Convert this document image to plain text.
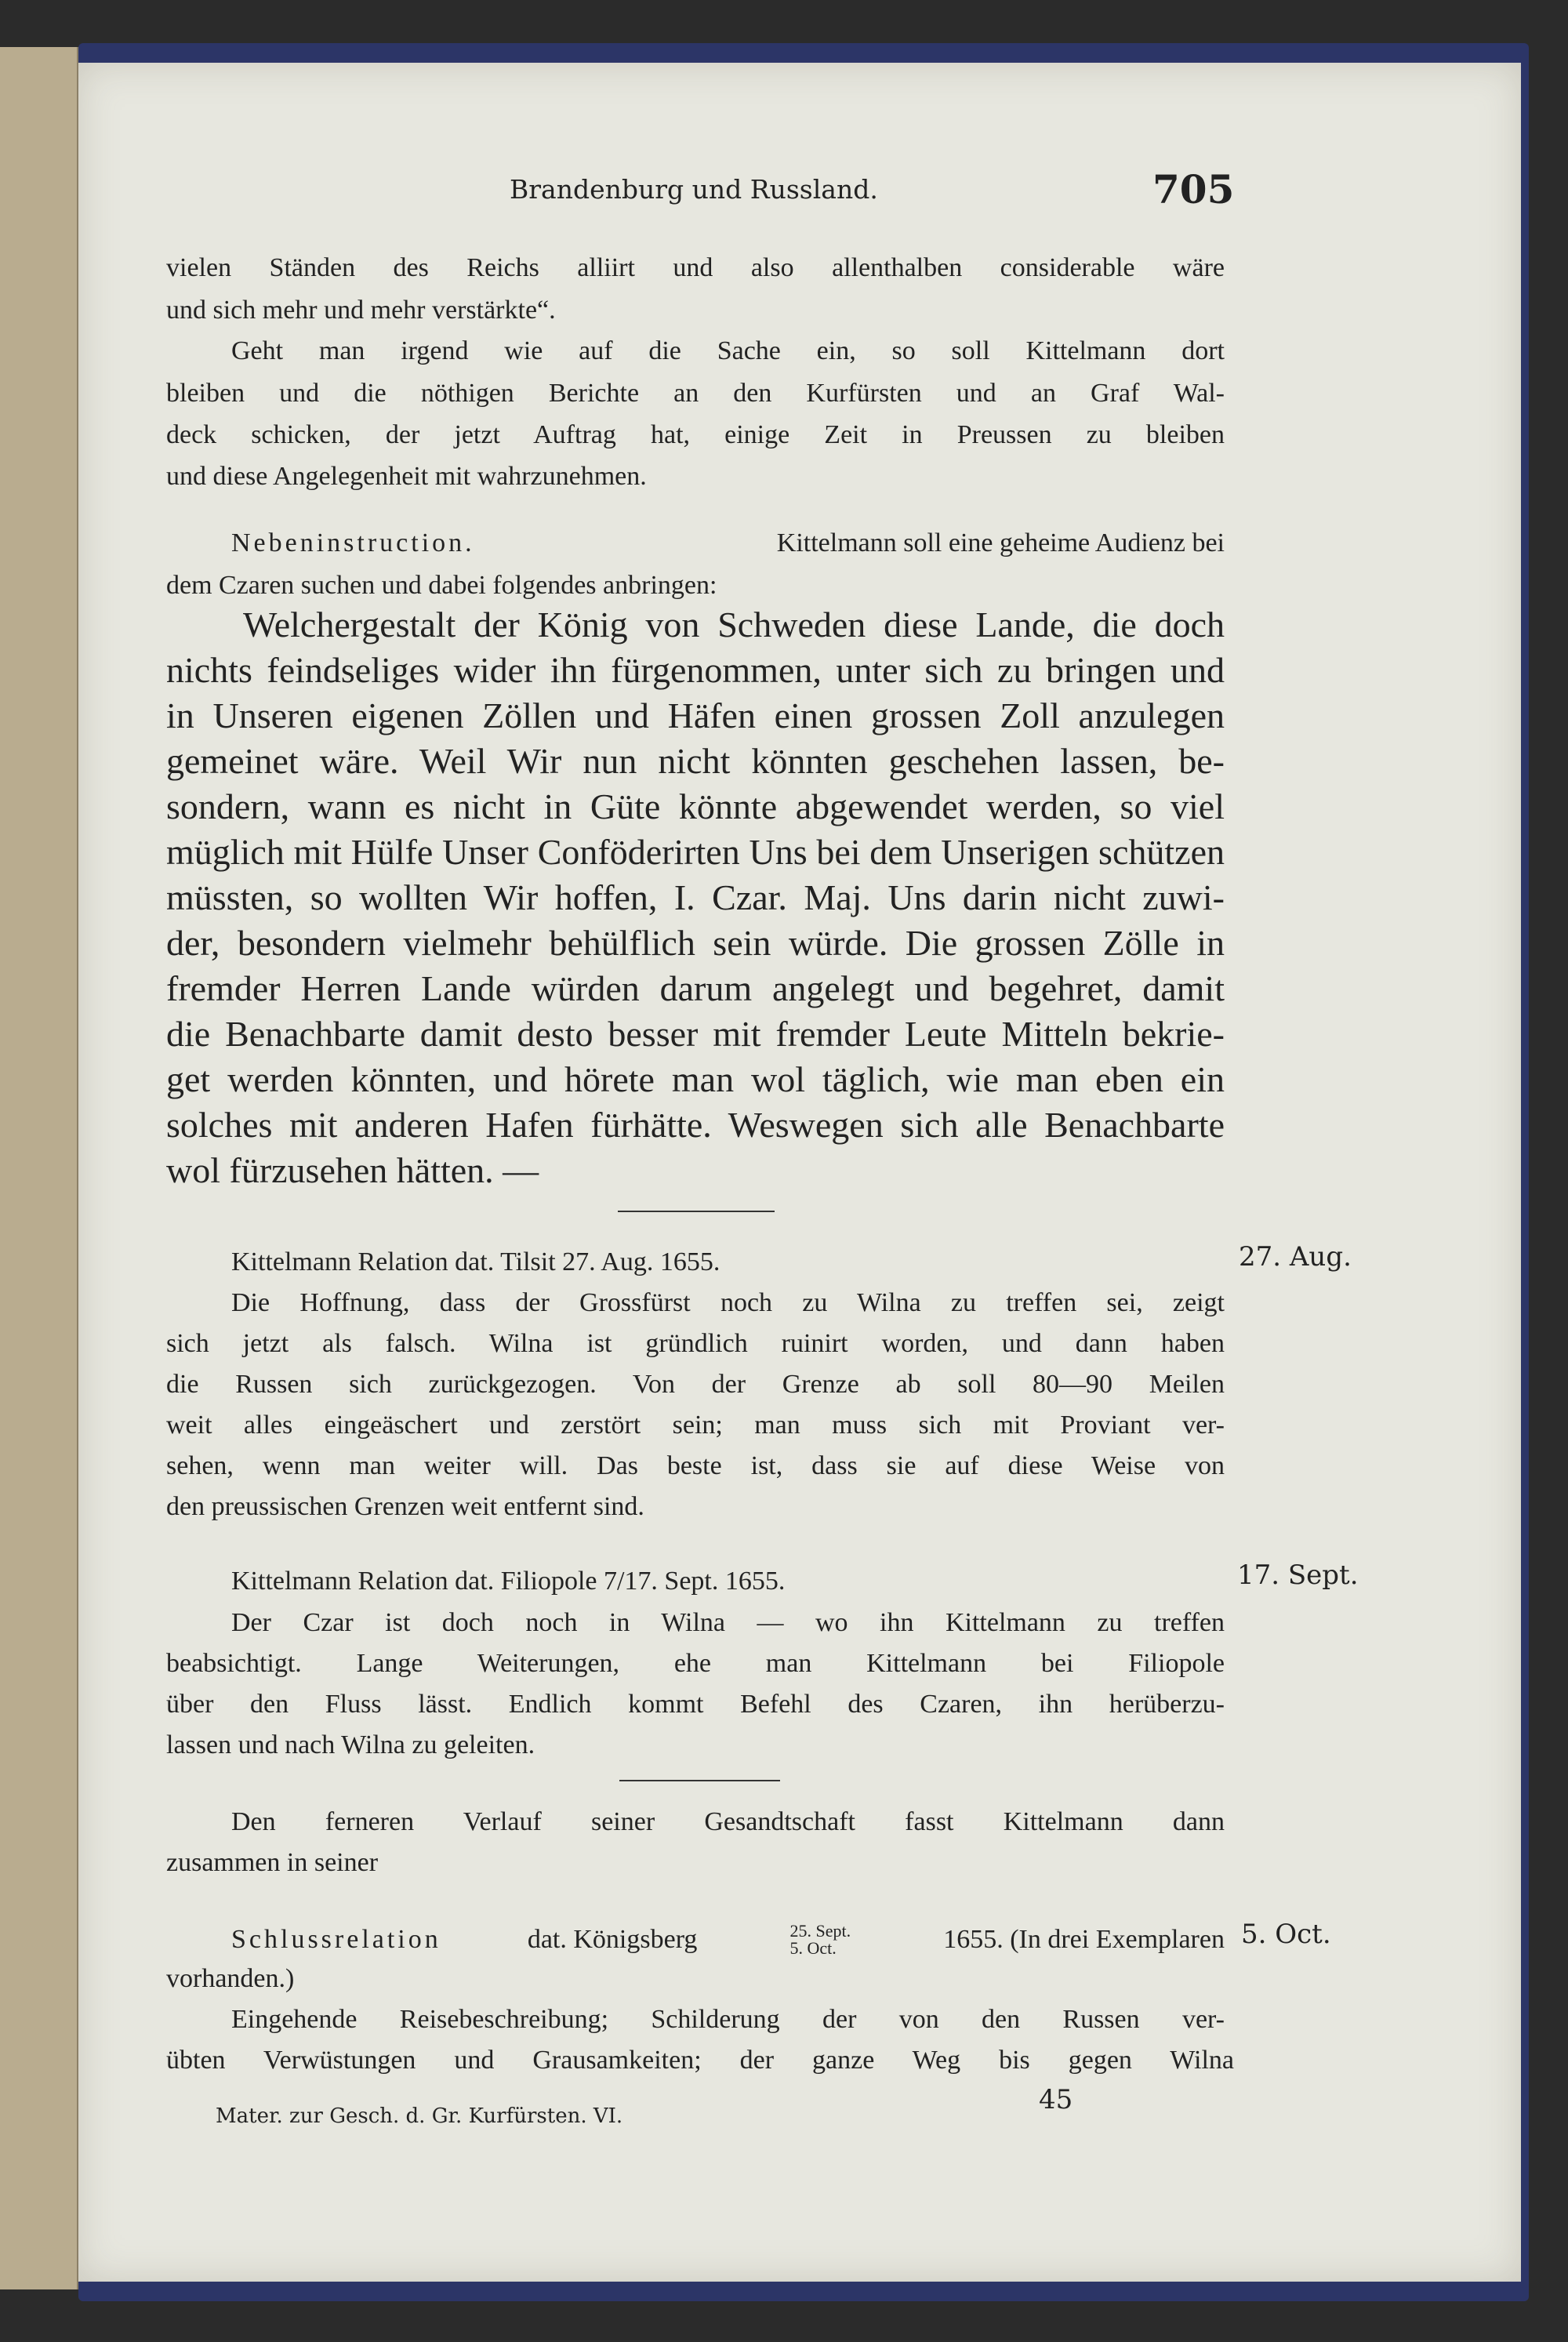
Brandenburg und Russland.	705

vielen Ständen des Reichs alliirt und also allenthalben considerable wäre

und sich mehr und mehr verstärkte“.

Geht man irgend wie auf die Sache ein, so soll Kittelmann dort

bleiben und die nöthigen Berichte an den Kurfürsten und an Graf Wal-

deck schicken, der jetzt Auftrag hat, einige Zeit in Preussen zu bleiben

und diese Angelegenheit mit wahrzunehmen.

Nebeninstruction.	Kittelmann soll eine geheime Audienz bei

dem Czaren suchen und dabei folgendes anbringen:

Welchergestalt der König von Schweden diese Lande, die doch

nichts feindseliges wider ihn fürgenommen, unter sich zu bringen und

in Unseren eigenen Zöllen und Häfen einen grossen Zoll anzulegen

gemeinet wäre. Weil Wir nun nicht könnten geschehen lassen, be-

sondern, wann es nicht in Güte könnte abgewendet werden, so viel

müglich mit Hülfe Unser Conföderirten Uns bei dem Unserigen schützen

müssten, so wollten Wir hoffen, I. Czar. Maj. Uns darin nicht zuwi-

der, besondern vielmehr behülflich sein würde. Die grossen Zölle in

fremder Herren Lande würden darum angelegt und begehret, damit

die Benachbarte damit desto besser mit fremder Leute Mitteln bekrie-

get werden könnten, und hörete man wol täglich, wie man eben ein

solches mit anderen Hafen fürhätte. Weswegen sich alle Benachbarte

wol fürzusehen hätten. —

Kittelmann Relation dat. Tilsit 27. Aug. 1655.	27. Aug.

Die Hoffnung, dass der Grossfürst noch zu Wilna zu treffen sei, zeigt

sich jetzt als falsch. Wilna ist gründlich ruinirt worden, und dann haben

die Russen sich zurückgezogen. Von der Grenze ab soll 80—90 Meilen

weit alles eingeäschert und zerstört sein; man muss sich mit Proviant ver-

sehen, wenn man weiter will. Das beste ist, dass sie auf diese Weise von

den preussischen Grenzen weit entfernt sind.

Kittelmann Relation dat. Filiopole 7/17. Sept. 1655.	17. Sept.

Der Czar ist doch noch in Wilna — wo ihn Kittelmann zu treffen

beabsichtigt. Lange Weiterungen, ehe man Kittelmann bei Filiopole

über den Fluss lässt. Endlich kommt Befehl des Czaren, ihn herüberzu-

lassen und nach Wilna zu geleiten.

Den ferneren Verlauf seiner Gesandtschaft fasst Kittelmann dann

zusammen in seiner

Schlussrelation	dat. Königsberg	25. Sept.
5. Oct.	1655. (In drei Exemplaren 5. Oct.

vorhanden.)

Eingehende Reisebeschreibung; Schilderung der von den Russen ver-

übten Verwüstungen und Grausamkeiten; der ganze Weg bis gegen Wilna

Mater. zur Gesch. d. Gr. Kurfürsten. VI.
45
